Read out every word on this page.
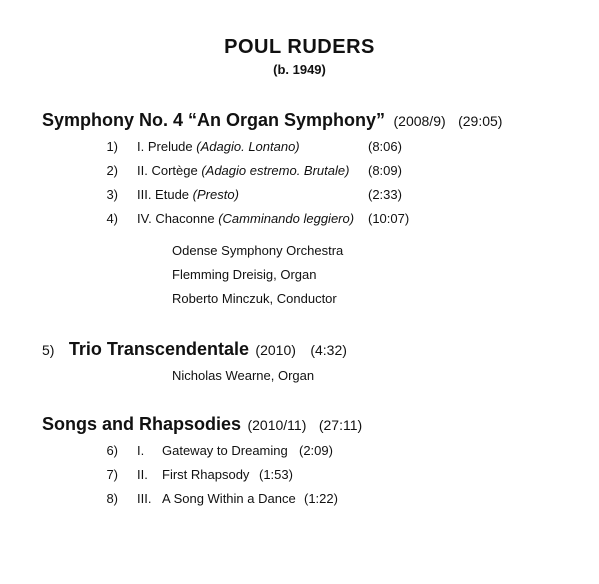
POUL RUDERS
(b. 1949)
Symphony No. 4 “An Organ Symphony” (2008/9) (29:05)
1) I. Prelude (Adagio. Lontano)	(8:06)
2) II. Cortège (Adagio estremo. Brutale) (8:09)
3) III. Etude (Presto)	(2:33)
4) IV. Chaconne (Camminando leggiero) (10:07)
Odense Symphony Orchestra
Flemming Dreisig, Organ
Roberto Minczuk, Conductor
5) Trio Transcendentale (2010) (4:32)
Nicholas Wearne, Organ
Songs and Rhapsodies (2010/11) (27:11)
6) I. Gateway to Dreaming (2:09)
7) II. First Rhapsody (1:53)
8) III. A Song Within a Dance (1:22)
